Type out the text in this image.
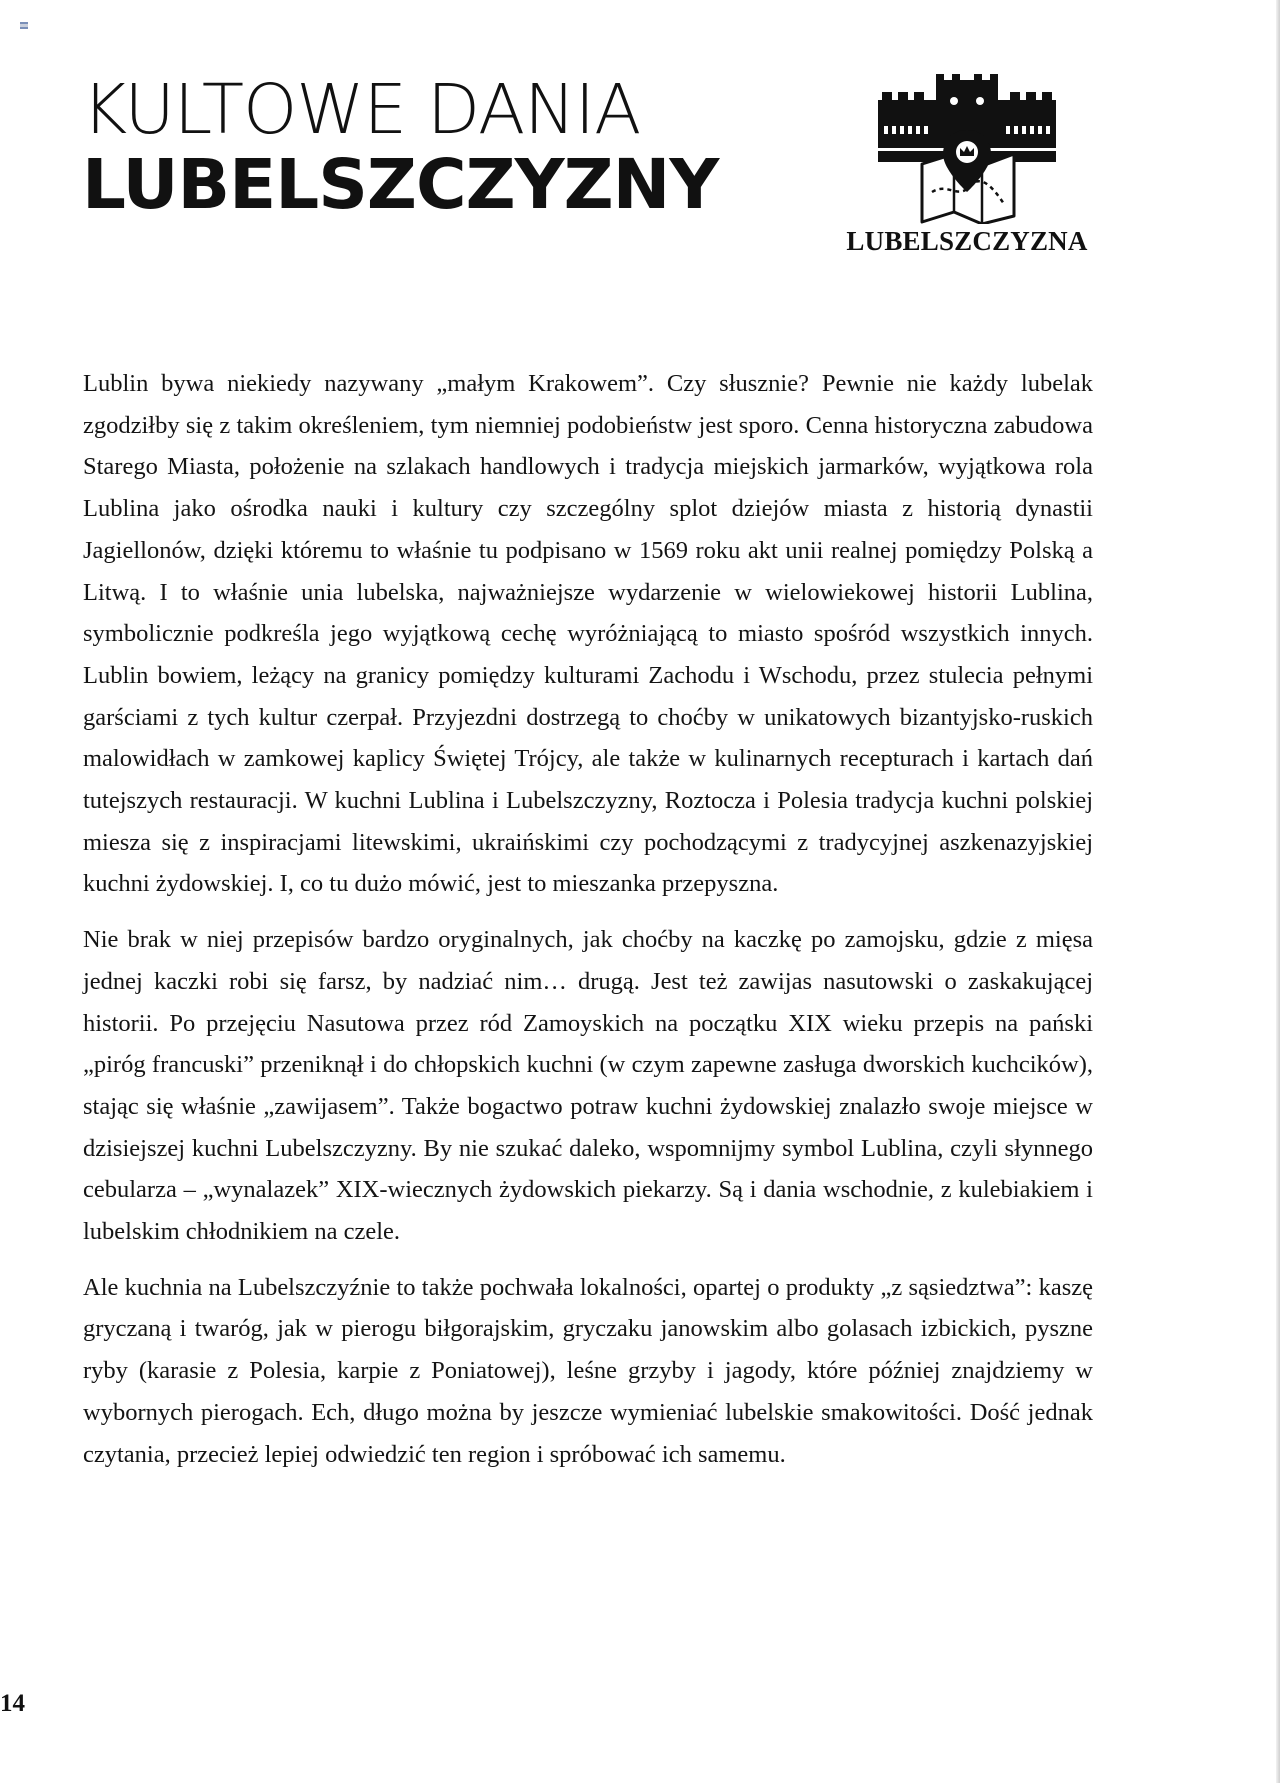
KULTOWE DANIA
LUBELSZCZYZNY
LUBELSZCZYZNA

Lublin bywa niekiedy nazywany „małym Krakowem”. Czy słusznie? Pewnie nie każdy lubelak zgodziłby się z takim określeniem, tym niemniej podobieństw jest sporo. Cenna historyczna zabudowa Starego Miasta, położenie na szlakach handlowych i tradycja miejskich jarmarków, wyjątkowa rola Lublina jako ośrodka nauki i kultury czy szczególny splot dziejów miasta z historią dynastii Jagiellonów, dzięki któremu to właśnie tu podpisano w 1569 roku akt unii realnej pomiędzy Polską a Litwą. I to właśnie unia lubelska, najważniejsze wydarzenie w wielowiekowej historii Lublina, symbolicznie podkreśla jego wyjątkową cechę wyróżniającą to miasto spośród wszystkich innych. Lublin bowiem, leżący na granicy pomiędzy kulturami Zachodu i Wschodu, przez stulecia pełnymi garściami z tych kultur czerpał. Przyjezdni dostrzegą to choćby w unikatowych bizantyjsko-ruskich malowidłach w zamkowej kaplicy Świętej Trójcy, ale także w kulinarnych recepturach i kartach dań tutejszych restauracji. W kuchni Lublina i Lubelszczyzny, Roztocza i Polesia tradycja kuchni polskiej miesza się z inspiracjami litewskimi, ukraińskimi czy pochodzącymi z tradycyjnej aszkenazyjskiej kuchni żydowskiej. I, co tu dużo mówić, jest to mieszanka przepyszna.

Nie brak w niej przepisów bardzo oryginalnych, jak choćby na kaczkę po zamojsku, gdzie z mięsa jednej kaczki robi się farsz, by nadziać nim… drugą. Jest też zawijas nasutowski o zaskakującej historii. Po przejęciu Nasutowa przez ród Zamoyskich na początku XIX wieku przepis na pański „piróg francuski” przeniknął i do chłopskich kuchni (w czym zapewne zasługa dworskich kuchcików), stając się właśnie „zawijasem”. Także bogactwo potraw kuchni żydowskiej znalazło swoje miejsce w dzisiejszej kuchni Lubelszczyzny. By nie szukać daleko, wspomnijmy symbol Lublina, czyli słynnego cebularza – „wynalazek” XIX-wiecznych żydowskich piekarzy. Są i dania wschodnie, z kulebiakiem i lubelskim chłodnikiem na czele.

Ale kuchnia na Lubelszczyźnie to także pochwała lokalności, opartej o produkty „z sąsiedztwa”: kaszę gryczaną i twaróg, jak w pierogu biłgorajskim, gryczaku janowskim albo golasach izbickich, pyszne ryby (karasie z Polesia, karpie z Poniatowej), leśne grzyby i jagody, które później znajdziemy w wybornych pierogach. Ech, długo można by jeszcze wymieniać lubelskie smakowitości. Dość jednak czytania, przecież lepiej odwiedzić ten region i spróbować ich samemu.

14
